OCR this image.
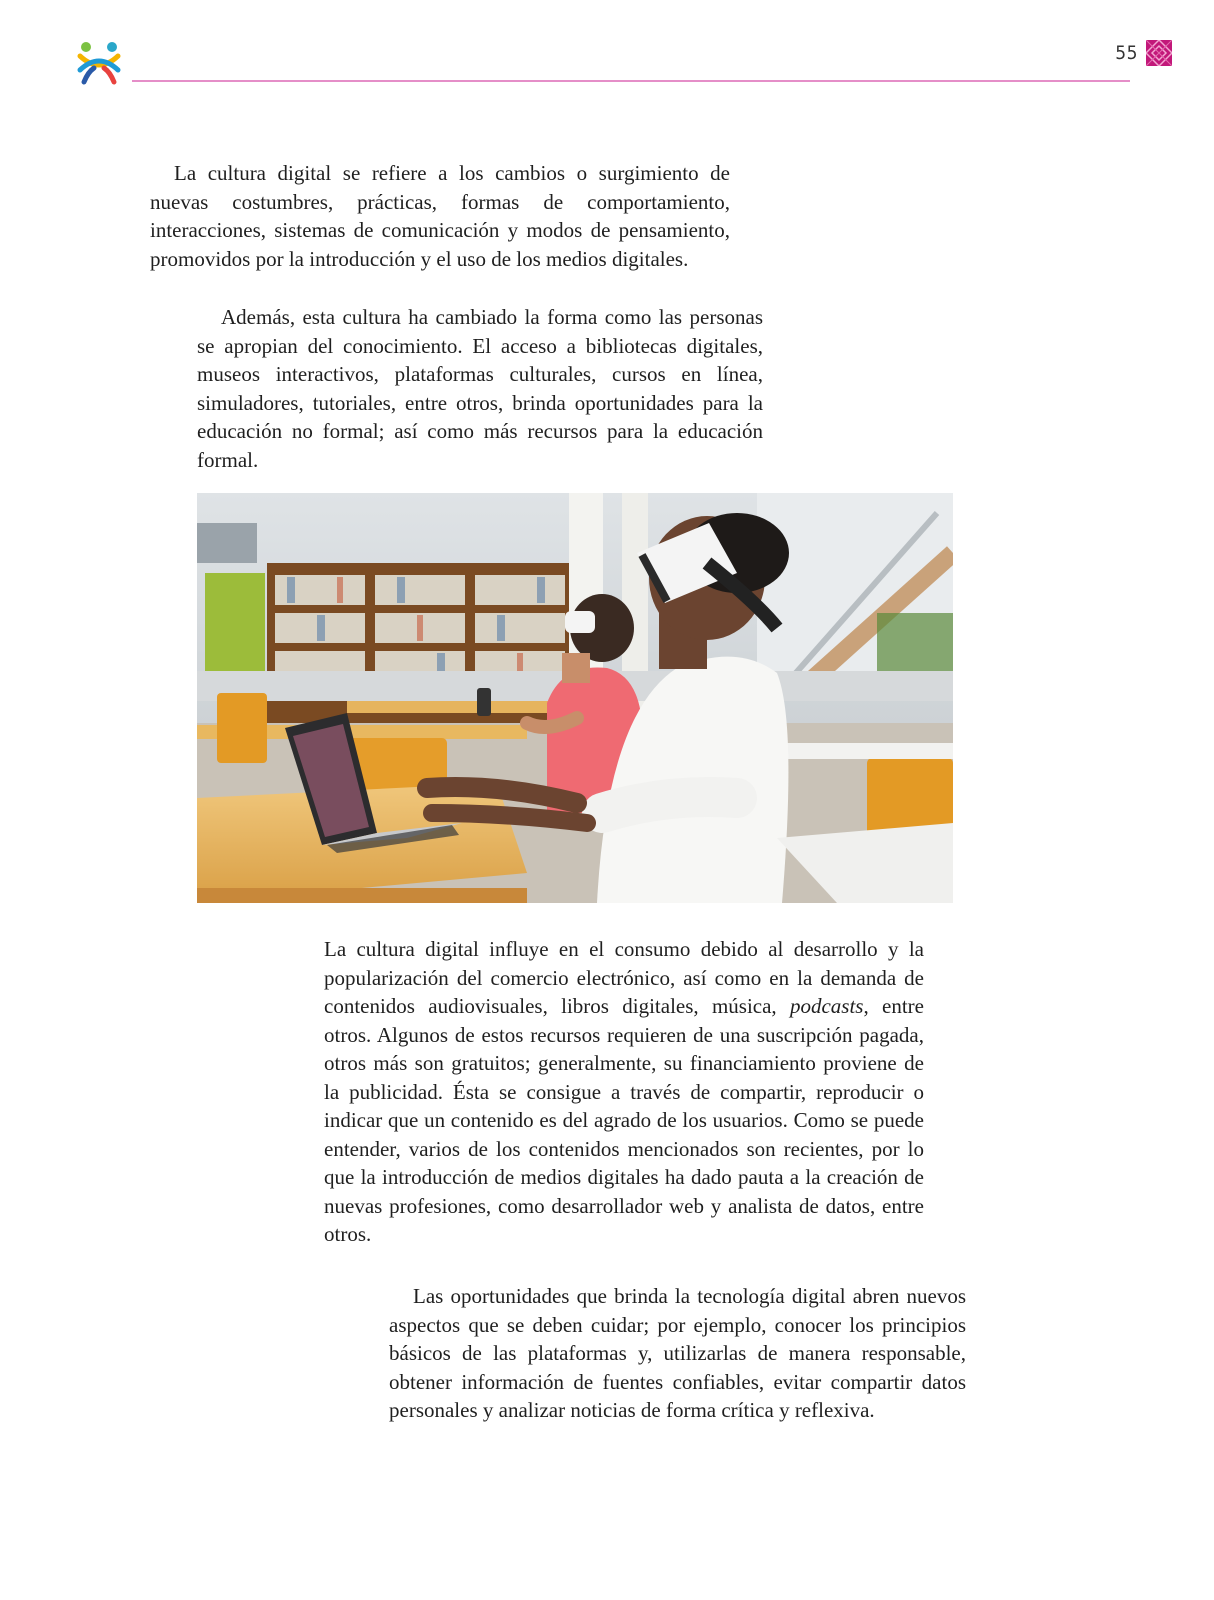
55

La cultura digital se refiere a los cambios o surgimiento de nuevas costumbres, prácticas, formas de comportamiento, interacciones, sistemas de comunicación y modos de pensamiento, promovidos por la introducción y el uso de los medios digitales.

Además, esta cultura ha cambiado la forma como las personas se apropian del conocimiento. El acceso a bibliotecas digitales, museos interactivos, plataformas culturales, cursos en línea, simuladores, tutoriales, entre otros, brinda oportunidades para la educación no formal; así como más recursos para la educación formal.

La cultura digital influye en el consumo debido al desarrollo y la popularización del comercio electrónico, así como en la demanda de contenidos audiovisuales, libros digitales, música, podcasts, entre otros. Algunos de estos recursos requieren de una suscripción pagada, otros más son gratuitos; generalmente, su financiamiento proviene de la publicidad. Ésta se consigue a través de compartir, reproducir o indicar que un contenido es del agrado de los usuarios. Como se puede entender, varios de los contenidos mencionados son recientes, por lo que la introducción de medios digitales ha dado pauta a la creación de nuevas profesiones, como desarrollador web y analista de datos, entre otros.

Las oportunidades que brinda la tecnología digital abren nuevos aspectos que se deben cuidar; por ejemplo, conocer los principios básicos de las plataformas y, utilizarlas de manera responsable, obtener información de fuentes confiables, evitar compartir datos personales y analizar noticias de forma crítica y reflexiva.
